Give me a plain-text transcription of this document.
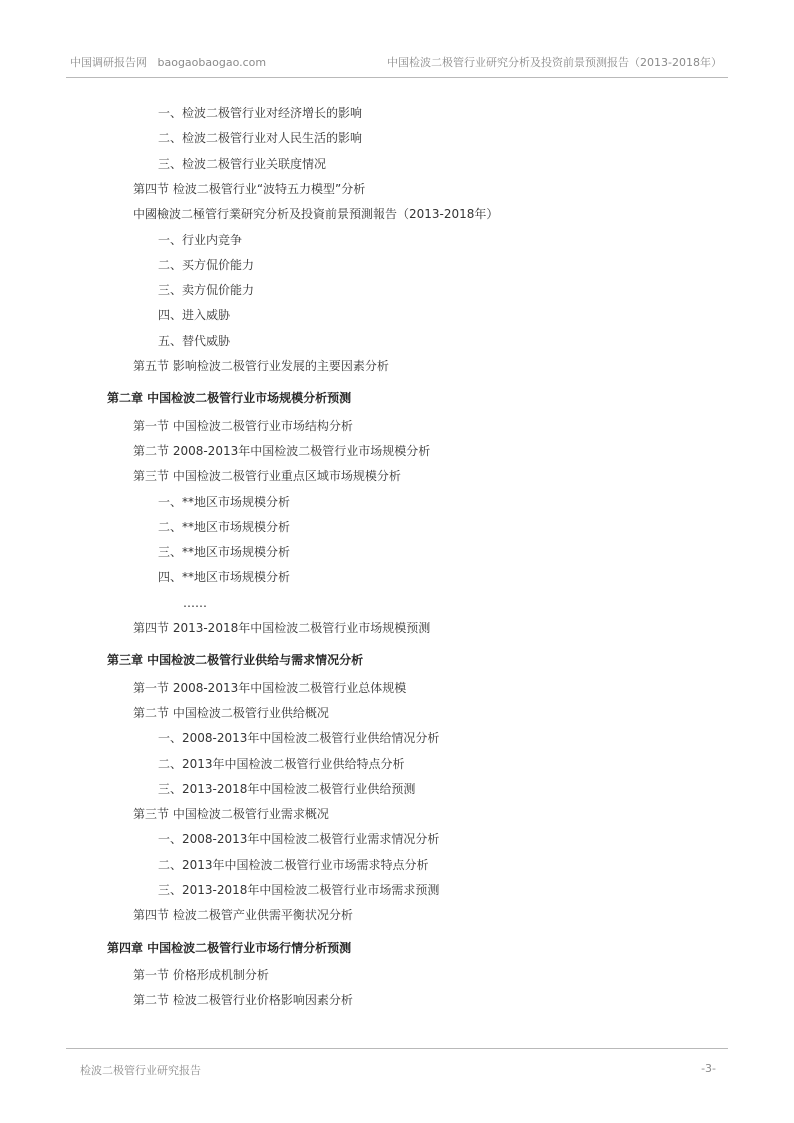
中国调研报告网 baogaobaogao.com	中国检波二极管行业研究分析及投资前景预测报告（2013-2018年）
一、检波二极管行业对经济增长的影响
二、检波二极管行业对人民生活的影响
三、检波二极管行业关联度情况
第四节 检波二极管行业“波特五力模型”分析
中國檢波二極管行業研究分析及投資前景預測報告（2013-2018年）
一、行业内竞争
二、买方侃价能力
三、卖方侃价能力
四、进入威胁
五、替代威胁
第五节 影响检波二极管行业发展的主要因素分析
第二章 中国检波二极管行业市场规模分析预测
第一节 中国检波二极管行业市场结构分析
第二节 2008-2013年中国检波二极管行业市场规模分析
第三节 中国检波二极管行业重点区域市场规模分析
一、**地区市场规模分析
二、**地区市场规模分析
三、**地区市场规模分析
四、**地区市场规模分析
……
第四节 2013-2018年中国检波二极管行业市场规模预测
第三章 中国检波二极管行业供给与需求情况分析
第一节 2008-2013年中国检波二极管行业总体规模
第二节 中国检波二极管行业供给概况
一、2008-2013年中国检波二极管行业供给情况分析
二、2013年中国检波二极管行业供给特点分析
三、2013-2018年中国检波二极管行业供给预测
第三节 中国检波二极管行业需求概况
一、2008-2013年中国检波二极管行业需求情况分析
二、2013年中国检波二极管行业市场需求特点分析
三、2013-2018年中国检波二极管行业市场需求预测
第四节 检波二极管产业供需平衡状况分析
第四章 中国检波二极管行业市场行情分析预测
第一节 价格形成机制分析
第二节 检波二极管行业价格影响因素分析
检波二极管行业研究报告	-3-
